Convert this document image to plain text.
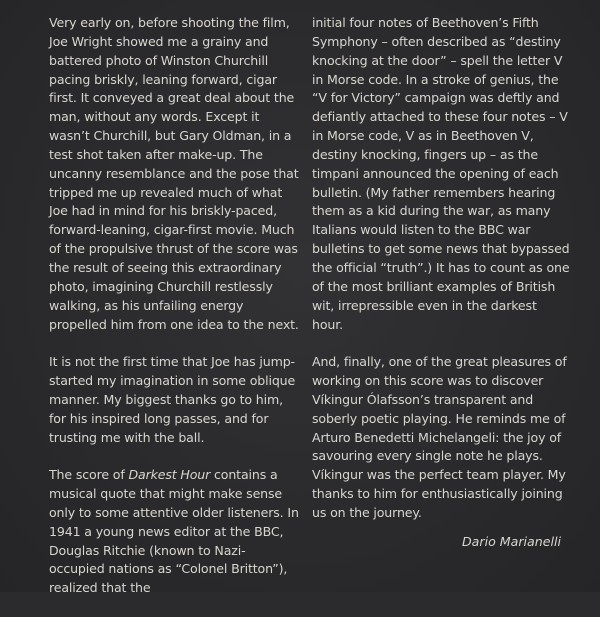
Very early on, before shooting the film, Joe Wright showed me a grainy and battered photo of Winston Churchill pacing briskly, leaning forward, cigar first. It conveyed a great deal about the man, without any words. Except it wasn’t Churchill, but Gary Oldman, in a test shot taken after make-up. The uncanny resemblance and the pose that tripped me up revealed much of what Joe had in mind for his briskly-paced, forward-leaning, cigar-first movie. Much of the propulsive thrust of the score was the result of seeing this extraordinary photo, imagining Churchill restlessly walking, as his unfailing energy propelled him from one idea to the next.

It is not the first time that Joe has jump-started my imagination in some oblique manner. My biggest thanks go to him, for his inspired long passes, and for trusting me with the ball.

The score of Darkest Hour contains a musical quote that might make sense only to some attentive older listeners. In 1941 a young news editor at the BBC, Douglas Ritchie (known to Nazi-occupied nations as “Colonel Britton”), realized that the

initial four notes of Beethoven’s Fifth Symphony – often described as “destiny knocking at the door” – spell the letter V in Morse code. In a stroke of genius, the “V for Victory” campaign was deftly and defiantly attached to these four notes – V in Morse code, V as in Beethoven V, destiny knocking, fingers up – as the timpani announced the opening of each bulletin. (My father remembers hearing them as a kid during the war, as many Italians would listen to the BBC war bulletins to get some news that bypassed the official “truth”.) It has to count as one of the most brilliant examples of British wit, irrepressible even in the darkest hour.

And, finally, one of the great pleasures of working on this score was to discover Víkingur Ólafsson’s transparent and soberly poetic playing. He reminds me of Arturo Benedetti Michelangeli: the joy of savouring every single note he plays. Víkingur was the perfect team player. My thanks to him for enthusiastically joining us on the journey.

Dario Marianelli
